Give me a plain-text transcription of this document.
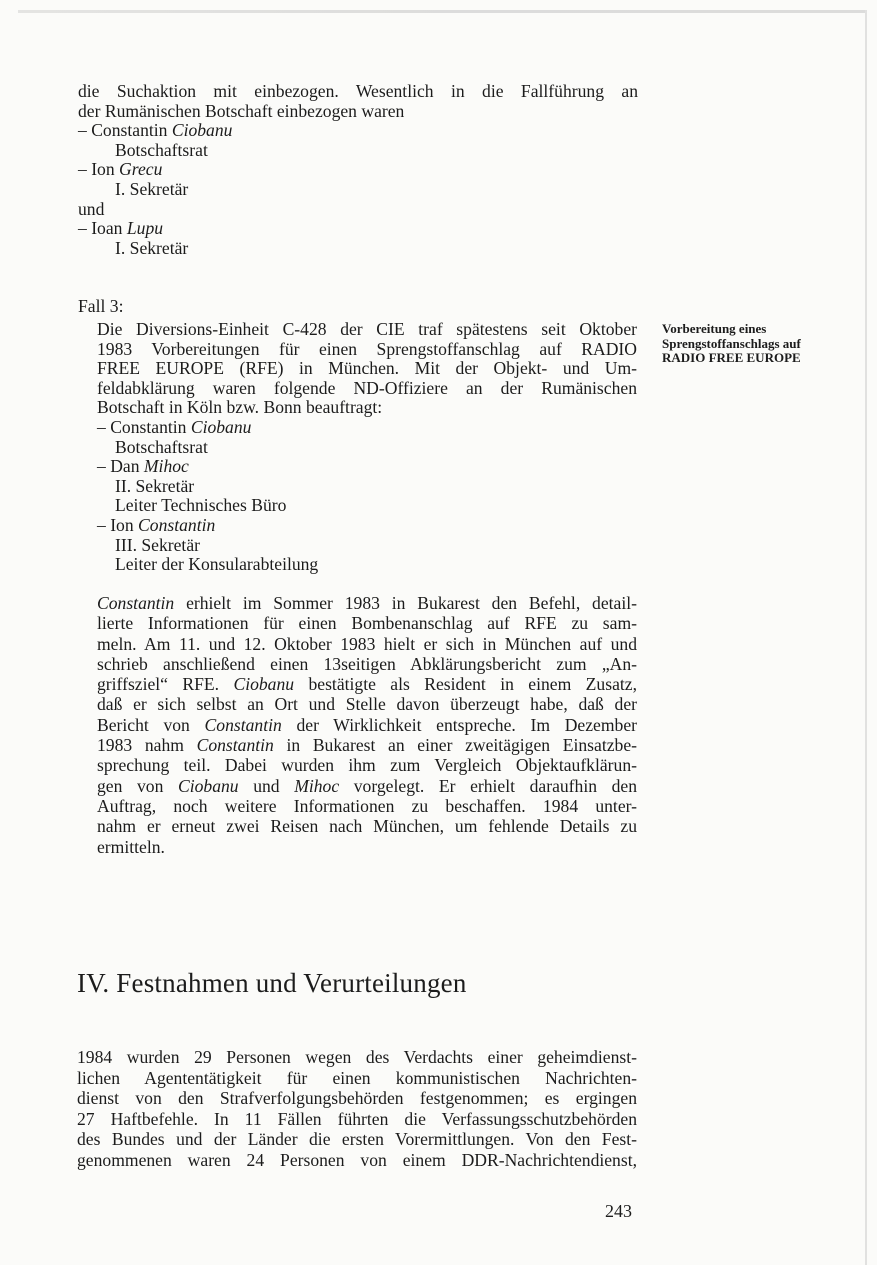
die Suchaktion mit einbezogen. Wesentlich in die Fallführung an

der Rumänischen Botschaft einbezogen waren

– Constantin Ciobanu

Botschaftsrat

– Ion Grecu

I. Sekretär

und

– Ioan Lupu

I. Sekretär

Fall 3:

Die Diversions-Einheit C-428 der CIE traf spätestens seit Oktober

1983 Vorbereitungen für einen Sprengstoffanschlag auf RADIO

FREE EUROPE (RFE) in München. Mit der Objekt- und Um-

feldabklärung waren folgende ND-Offiziere an der Rumänischen

Botschaft in Köln bzw. Bonn beauftragt:

– Constantin Ciobanu

Botschaftsrat

– Dan Mihoc

II. Sekretär

Leiter Technisches Büro

– Ion Constantin

III. Sekretär

Leiter der Konsularabteilung

Vorbereitung eines Sprengstoffanschlags auf RADIO FREE EUROPE
Constantin erhielt im Sommer 1983 in Bukarest den Befehl, detail-
lierte Informationen für einen Bombenanschlag auf RFE zu sam-
meln. Am 11. und 12. Oktober 1983 hielt er sich in München auf und
schrieb anschließend einen 13seitigen Abklärungsbericht zum „An-
griffsziel“ RFE. Ciobanu bestätigte als Resident in einem Zusatz,
daß er sich selbst an Ort und Stelle davon überzeugt habe, daß der
Bericht von Constantin der Wirklichkeit entspreche. Im Dezember
1983 nahm Constantin in Bukarest an einer zweitägigen Einsatzbe-
sprechung teil. Dabei wurden ihm zum Vergleich Objektaufklärun-
gen von Ciobanu und Mihoc vorgelegt. Er erhielt daraufhin den
Auftrag, noch weitere Informationen zu beschaffen. 1984 unter-
nahm er erneut zwei Reisen nach München, um fehlende Details zu
ermitteln.
IV. Festnahmen und Verurteilungen
1984 wurden 29 Personen wegen des Verdachts einer geheimdienst-
lichen Agententätigkeit für einen kommunistischen Nachrichten-
dienst von den Strafverfolgungsbehörden festgenommen; es ergingen
27 Haftbefehle. In 11 Fällen führten die Verfassungsschutzbehörden
des Bundes und der Länder die ersten Vorermittlungen. Von den Fest-
genommenen waren 24 Personen von einem DDR-Nachrichtendienst,
243
